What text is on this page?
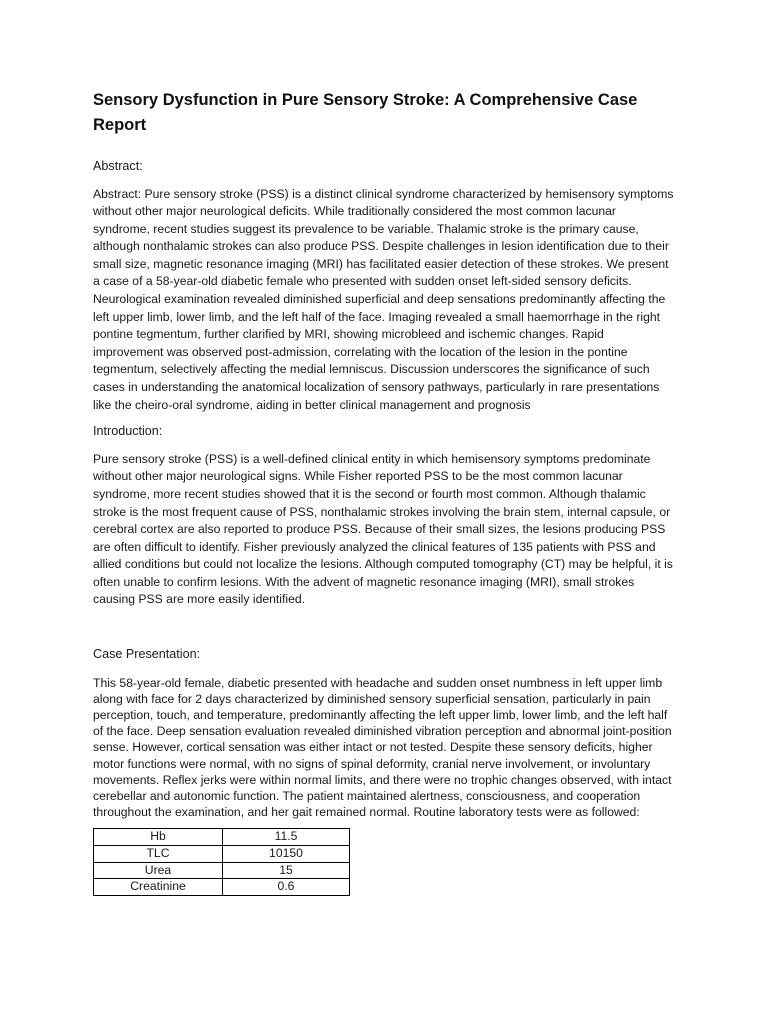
Sensory Dysfunction in Pure Sensory Stroke: A Comprehensive Case Report

Abstract:

Abstract: Pure sensory stroke (PSS) is a distinct clinical syndrome characterized by hemisensory symptoms without other major neurological deficits. While traditionally considered the most common lacunar syndrome, recent studies suggest its prevalence to be variable. Thalamic stroke is the primary cause, although nonthalamic strokes can also produce PSS. Despite challenges in lesion identification due to their small size, magnetic resonance imaging (MRI) has facilitated easier detection of these strokes. We present a case of a 58-year-old diabetic female who presented with sudden onset left-sided sensory deficits. Neurological examination revealed diminished superficial and deep sensations predominantly affecting the left upper limb, lower limb, and the left half of the face. Imaging revealed a small haemorrhage in the right pontine tegmentum, further clarified by MRI, showing microbleed and ischemic changes. Rapid improvement was observed post-admission, correlating with the location of the lesion in the pontine tegmentum, selectively affecting the medial lemniscus. Discussion underscores the significance of such cases in understanding the anatomical localization of sensory pathways, particularly in rare presentations like the cheiro-oral syndrome, aiding in better clinical management and prognosis

Introduction:

Pure sensory stroke (PSS) is a well-defined clinical entity in which hemisensory symptoms predominate without other major neurological signs. While Fisher reported PSS to be the most common lacunar syndrome, more recent studies showed that it is the second or fourth most common. Although thalamic stroke is the most frequent cause of PSS, nonthalamic strokes involving the brain stem, internal capsule, or cerebral cortex are also reported to produce PSS. Because of their small sizes, the lesions producing PSS are often difficult to identify. Fisher previously analyzed the clinical features of 135 patients with PSS and allied conditions but could not localize the lesions. Although computed tomography (CT) may be helpful, it is often unable to confirm lesions. With the advent of magnetic resonance imaging (MRI), small strokes causing PSS are more easily identified.

Case Presentation:

This 58-year-old female, diabetic presented with headache and sudden onset numbness in left upper limb along with face for 2 days characterized by diminished sensory superficial sensation, particularly in pain perception, touch, and temperature, predominantly affecting the left upper limb, lower limb, and the left half of the face. Deep sensation evaluation revealed diminished vibration perception and abnormal joint-position sense. However, cortical sensation was either intact or not tested. Despite these sensory deficits, higher motor functions were normal, with no signs of spinal deformity, cranial nerve involvement, or involuntary movements. Reflex jerks were within normal limits, and there were no trophic changes observed, with intact cerebellar and autonomic function. The patient maintained alertness, consciousness, and cooperation throughout the examination, and her gait remained normal. Routine laboratory tests were as followed:

Hb	11.5
TLC	10150
Urea	15
Creatinine	0.6
